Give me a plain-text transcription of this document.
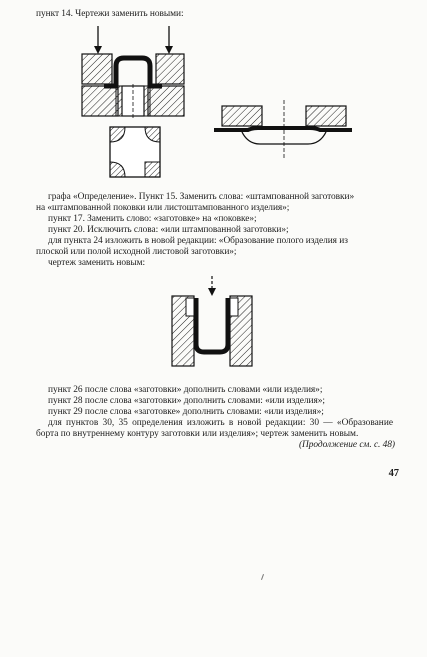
пункт 14. Чертежи заменить новыми:
графа «Определение». Пункт 15. Заменить слова: «штампованной заготовки»
на «штампованной поковки или листоштампованного изделия»;
пункт 17. Заменить слово: «заготовке» на «поковке»;
пункт 20. Исключить слова: «или штампованной заготовки»;
для пункта 24 изложить в новой редакции: «Образование полого изделия из
плоской или полой исходной листовой заготовки»;
чертеж заменить новым:
пункт 26 после слова «заготовки» дополнить словами «или изделия»;
пункт 28 после слова «заготовки» дополнить словами: «или изделия»;
пункт 29 после слова «заготовке» дополнить словами: «или изделия»;
для пунктов 30, 35 определения изложить в новой редакции: 30 — «Образование борта по внутреннему контуру заготовки или изделия»; чертеж заменить новым.
(Продолжение см. с. 48)
47
